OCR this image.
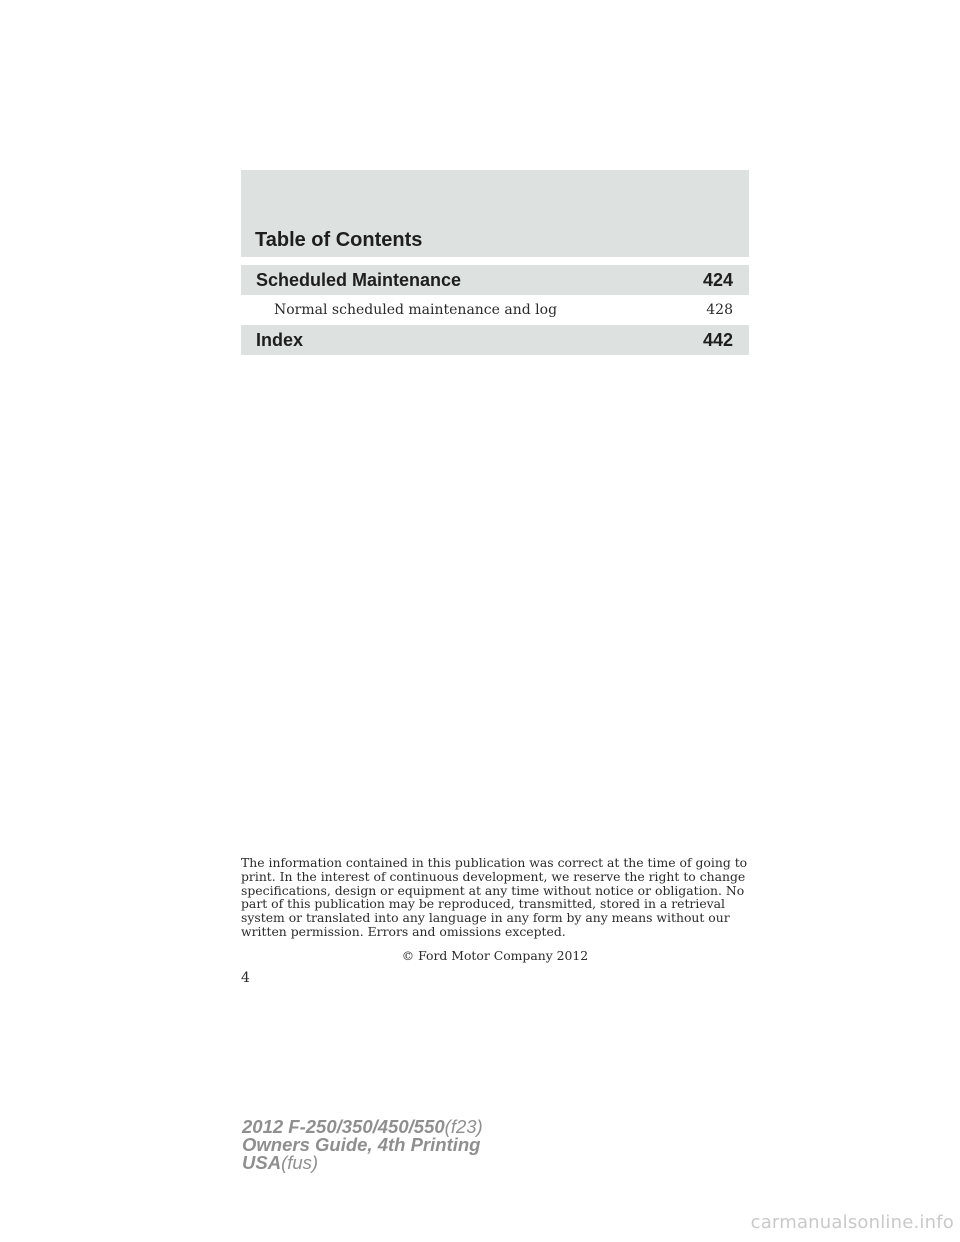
Table of Contents
Scheduled Maintenance	424
Normal scheduled maintenance and log	428
Index	442
The information contained in this publication was correct at the time of going to
print. In the interest of continuous development, we reserve the right to change
specifications, design or equipment at any time without notice or obligation. No
part of this publication may be reproduced, transmitted, stored in a retrieval
system or translated into any language in any form by any means without our
written permission. Errors and omissions excepted.
© Ford Motor Company 2012
4
2012 F-250/350/450/550(f23)
Owners Guide, 4th Printing
USA(fus)
carmanualsonline.info
